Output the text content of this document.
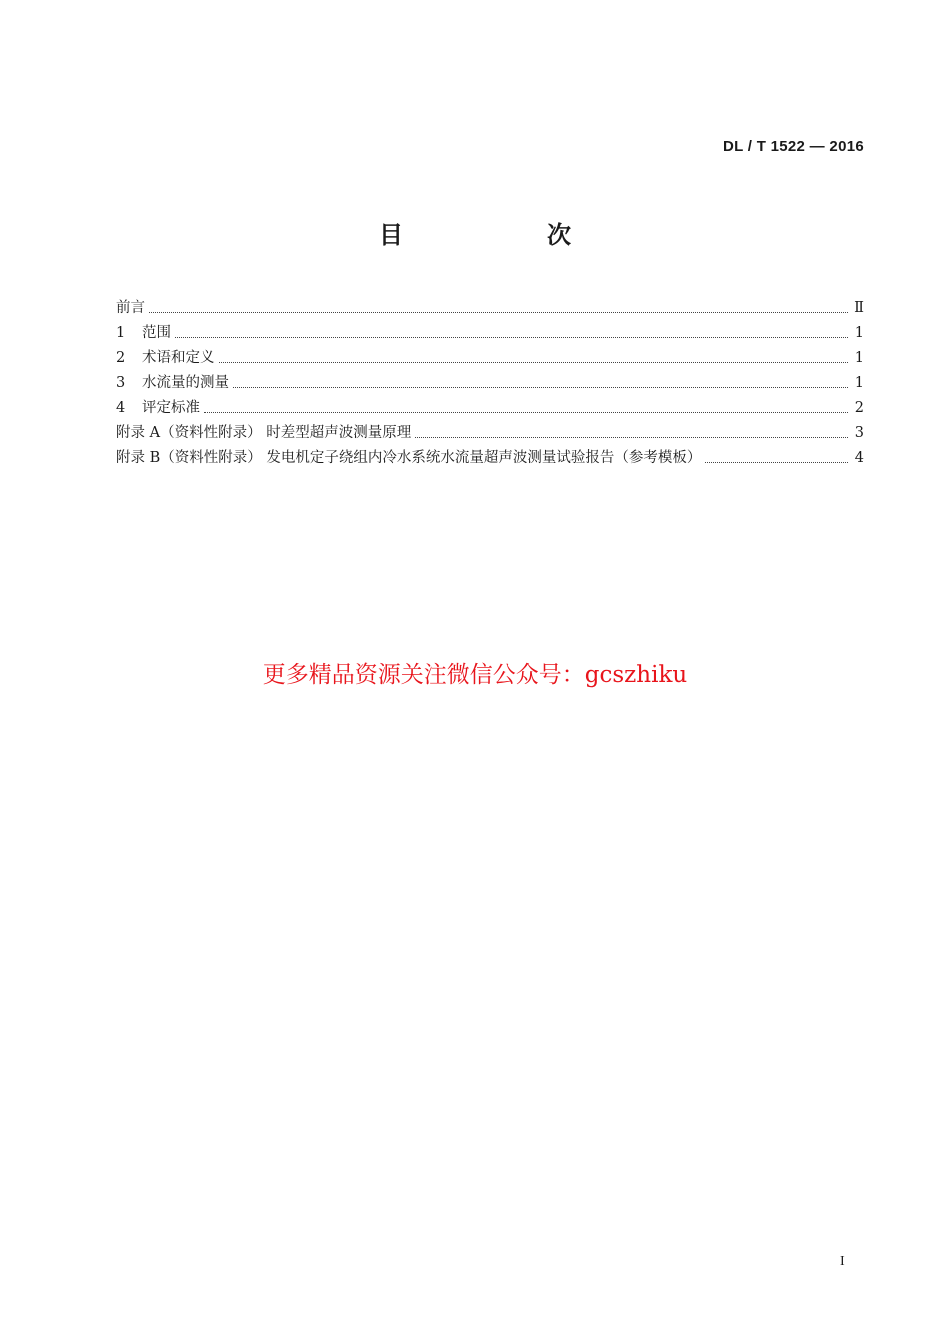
DL / T 1522 — 2016
目　次
前言	Ⅱ
1 范围	1
2 术语和定义	1
3 水流量的测量	1
4 评定标准	2
附录 A（资料性附录） 时差型超声波测量原理	3
附录 B（资料性附录） 发电机定子绕组内冷水系统水流量超声波测量试验报告（参考模板）	4
更多精品资源关注微信公众号：gcszhiku
I
